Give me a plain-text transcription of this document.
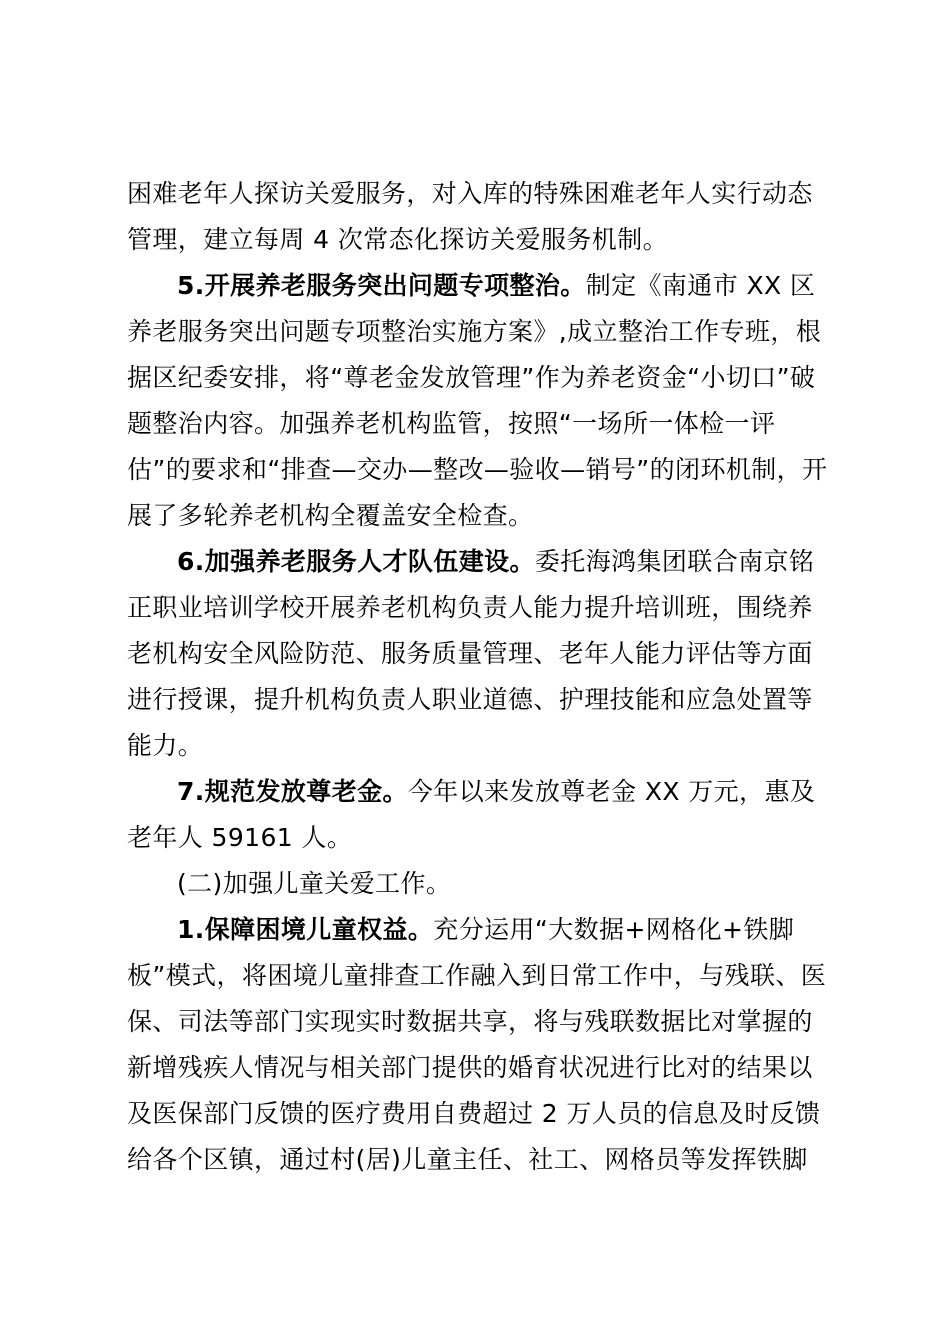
困难老年人探访关爱服务，对入库的特殊困难老年人实行动态
管理，建立每周 4 次常态化探访关爱服务机制。
5.开展养老服务突出问题专项整治。制定《南通市 XX 区
养老服务突出问题专项整治实施方案》,成立整治工作专班，根
据区纪委安排，将“尊老金发放管理”作为养老资金“小切口”破
题整治内容。加强养老机构监管，按照“一场所一体检一评
估”的要求和“排查—交办—整改—验收—销号”的闭环机制，开
展了多轮养老机构全覆盖安全检查。
6.加强养老服务人才队伍建设。委托海鸿集团联合南京铭
正职业培训学校开展养老机构负责人能力提升培训班，围绕养
老机构安全风险防范、服务质量管理、老年人能力评估等方面
进行授课，提升机构负责人职业道德、护理技能和应急处置等
能力。
7.规范发放尊老金。今年以来发放尊老金 XX 万元，惠及
老年人 59161 人。
(二)加强儿童关爱工作。
1.保障困境儿童权益。充分运用“大数据+网格化+铁脚
板”模式，将困境儿童排查工作融入到日常工作中，与残联、医
保、司法等部门实现实时数据共享，将与残联数据比对掌握的
新增残疾人情况与相关部门提供的婚育状况进行比对的结果以
及医保部门反馈的医疗费用自费超过 2 万人员的信息及时反馈
给各个区镇，通过村(居)儿童主任、社工、网格员等发挥铁脚
